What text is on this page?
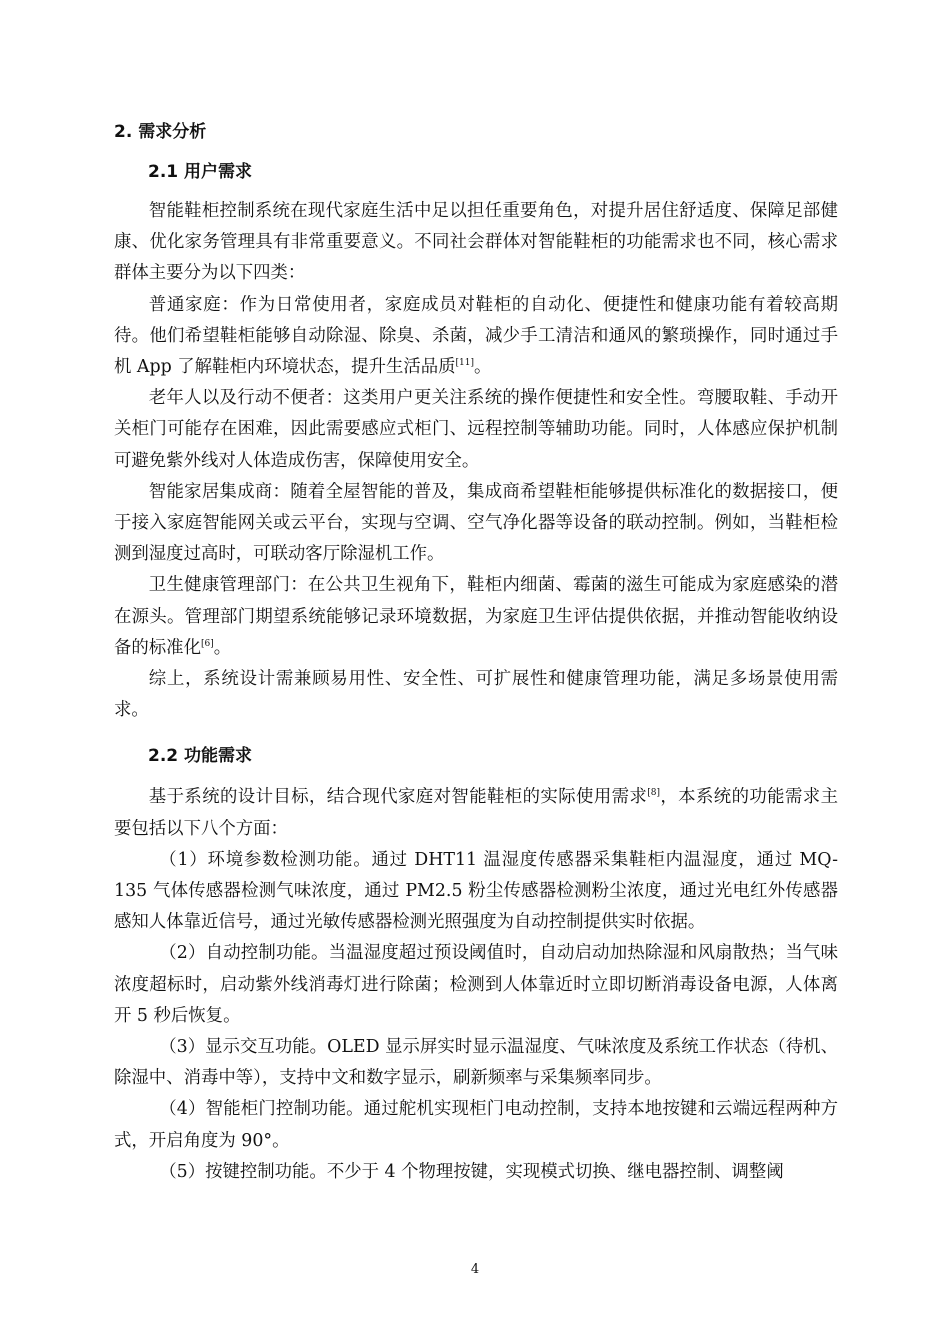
2. 需求分析
2.1 用户需求

智能鞋柜控制系统在现代家庭生活中足以担任重要角色，对提升居住舒适度、保障足部健康、优化家务管理具有非常重要意义。不同社会群体对智能鞋柜的功能需求也不同，核心需求群体主要分为以下四类：

普通家庭：作为日常使用者，家庭成员对鞋柜的自动化、便捷性和健康功能有着较高期待。他们希望鞋柜能够自动除湿、除臭、杀菌，减少手工清洁和通风的繁琐操作，同时通过手机 App 了解鞋柜内环境状态，提升生活品质[11]。

老年人以及行动不便者：这类用户更关注系统的操作便捷性和安全性。弯腰取鞋、手动开关柜门可能存在困难，因此需要感应式柜门、远程控制等辅助功能。同时，人体感应保护机制可避免紫外线对人体造成伤害，保障使用安全。

智能家居集成商：随着全屋智能的普及，集成商希望鞋柜能够提供标准化的数据接口，便于接入家庭智能网关或云平台，实现与空调、空气净化器等设备的联动控制。例如，当鞋柜检测到湿度过高时，可联动客厅除湿机工作。

卫生健康管理部门：在公共卫生视角下，鞋柜内细菌、霉菌的滋生可能成为家庭感染的潜在源头。管理部门期望系统能够记录环境数据，为家庭卫生评估提供依据，并推动智能收纳设备的标准化[6]。

综上，系统设计需兼顾易用性、安全性、可扩展性和健康管理功能，满足多场景使用需求。

2.2 功能需求

基于系统的设计目标，结合现代家庭对智能鞋柜的实际使用需求[8]，本系统的功能需求主要包括以下八个方面：

（1）环境参数检测功能。通过 DHT11 温湿度传感器采集鞋柜内温湿度，通过 MQ-135 气体传感器检测气味浓度，通过 PM2.5 粉尘传感器检测粉尘浓度，通过光电红外传感器感知人体靠近信号，通过光敏传感器检测光照强度为自动控制提供实时依据。

（2）自动控制功能。当温湿度超过预设阈值时，自动启动加热除湿和风扇散热；当气味浓度超标时，启动紫外线消毒灯进行除菌；检测到人体靠近时立即切断消毒设备电源，人体离开 5 秒后恢复。

（3）显示交互功能。OLED 显示屏实时显示温湿度、气味浓度及系统工作状态（待机、除湿中、消毒中等），支持中文和数字显示，刷新频率与采集频率同步。

（4）智能柜门控制功能。通过舵机实现柜门电动控制，支持本地按键和云端远程两种方式，开启角度为 90°。

（5）按键控制功能。不少于 4 个物理按键，实现模式切换、继电器控制、调整阈

4
